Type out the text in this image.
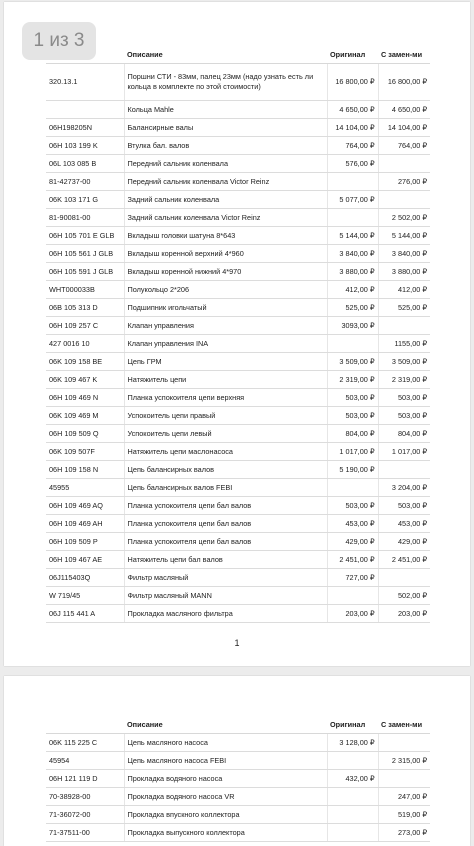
	Описание	Оригинал	С замен-ми
320.13.1	Поршни СТИ - 83мм, палец 23мм (надо узнать есть ли кольца в комплекте по этой стоимости)	16 800,00 ₽	16 800,00 ₽
	Кольца Mahle	4 650,00 ₽	4 650,00 ₽
06H198205N	Балансирные валы	14 104,00 ₽	14 104,00 ₽
06H 103 199 K	Втулка бал. валов	764,00 ₽	764,00 ₽
06L 103 085 B	Передний сальник коленвала	576,00 ₽	
81-42737-00	Передний сальник коленвала Victor Reinz		276,00 ₽
06K 103 171 G	Задний сальник коленвала	5 077,00 ₽	
81-90081-00	Задний сальник коленвала Victor Reinz		2 502,00 ₽
06H 105 701 E GLB	Вкладыш головки шатуна 8*643	5 144,00 ₽	5 144,00 ₽
06H 105 561 J GLB	Вкладыш коренной верхний 4*960	3 840,00 ₽	3 840,00 ₽
06H 105 591 J GLB	Вкладыш коренной нижний 4*970	3 880,00 ₽	3 880,00 ₽
WHT000033B	Полукольцо 2*206	412,00 ₽	412,00 ₽
06B 105 313 D	Подшипник игольчатый	525,00 ₽	525,00 ₽
06H 109 257 C	Клапан управления	3093,00 ₽	
427 0016 10	Клапан управления INA		1155,00 ₽
06K 109 158 BE	Цепь ГРМ	3 509,00 ₽	3 509,00 ₽
06K 109 467 K	Натяжитель цепи	2 319,00 ₽	2 319,00 ₽
06H 109 469 N	Планка успокоителя цепи верхняя	503,00 ₽	503,00 ₽
06K 109 469 M	Успокоитель цепи правый	503,00 ₽	503,00 ₽
06H 109 509 Q	Успокоитель цепи левый	804,00 ₽	804,00 ₽
06K 109 507F	Натяжитель цепи маслонасоса	1 017,00 ₽	1 017,00 ₽
06H 109 158 N	Цепь балансирных валов	5 190,00 ₽	
45955	Цепь балансирных валов FEBI		3 204,00 ₽
06H 109 469 AQ	Планка успокоителя цепи бал валов	503,00 ₽	503,00 ₽
06H 109 469 AH	Планка успокоителя цепи бал валов	453,00 ₽	453,00 ₽
06H 109 509 P	Планка успокоителя цепи бал валов	429,00 ₽	429,00 ₽
06H 109 467 AE	Натяжитель цепи бал валов	2 451,00 ₽	2 451,00 ₽
06J115403Q	Фильтр масляный	727,00 ₽	
W 719/45	Фильтр масляный MANN		502,00 ₽
06J 115 441 A	Прокладка масляного фильтра	203,00 ₽	203,00 ₽
1
	Описание	Оригинал	С замен-ми
06K 115 225 C	Цепь масляного насоса	3 128,00 ₽	
45954	Цепь масляного насоса FEBI		2 315,00 ₽
06H 121 119 D	Прокладка водяного насоса	432,00 ₽	
70-38928-00	Прокладка водяного насоса VR		247,00 ₽
71-36072-00	Прокладка впускного коллектора		519,00 ₽
71-37511-00	Прокладка выпускного коллектора		273,00 ₽
1 из 3
